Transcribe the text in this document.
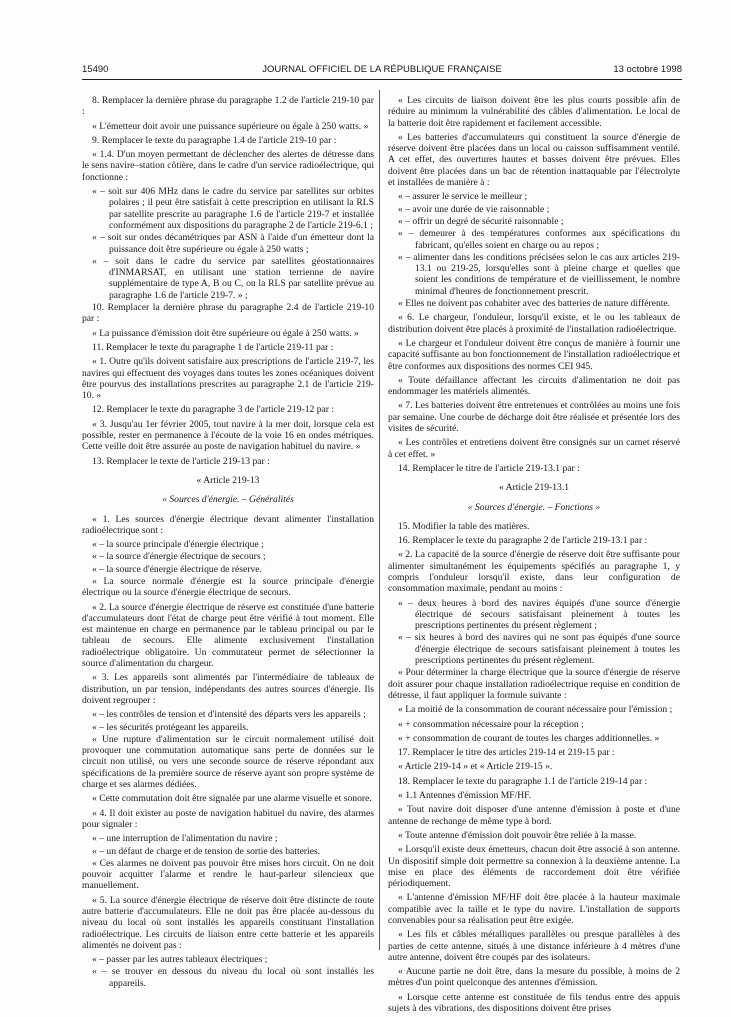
15490	JOURNAL OFFICIEL DE LA RÉPUBLIQUE FRANÇAISE	13 octobre 1998

8. Remplacer la dernière phrase du paragraphe 1.2 de l'article 219-10 par :

« L'émetteur doit avoir une puissance supérieure ou égale à 250 watts. »

9. Remplacer le texte du paragraphe 1.4 de l'article 219-10 par :

« 1.4. D'un moyen permettant de déclencher des alertes de détresse dans le sens navire–station côtière, dans le cadre d'un service radioélectrique, qui fonctionne :

« – soit sur 406 MHz dans le cadre du service par satellites sur orbites polaires ; il peut être satisfait à cette prescription en utilisant la RLS par satellite prescrite au paragraphe 1.6 de l'article 219-7 et installée conformément aux dispositions du paragraphe 2 de l'article 219-6.1 ;

« – soit sur ondes décamétriques par ASN à l'aide d'un émetteur dont la puissance doit être supérieure ou égale à 250 watts ;

« – soit dans le cadre du service par satellites géostationnaires d'INMARSAT, en utilisant une station terrienne de navire supplémentaire de type A, B ou C, ou la RLS par satellite prévue au paragraphe 1.6 de l'article 219-7. » ;

10. Remplacer la dernière phrase du paragraphe 2.4 de l'article 219-10 par :

« La puissance d'émission doit être supérieure ou égale à 250 watts. »

11. Remplacer le texte du paragraphe 1 de l'article 219-11 par :

« 1. Outre qu'ils doivent satisfaire aux prescriptions de l'article 219-7, les navires qui effectuent des voyages dans toutes les zones océaniques doivent être pourvus des installations prescrites au paragraphe 2.1 de l'article 219-10. »

12. Remplacer le texte du paragraphe 3 de l'article 219-12 par :

« 3. Jusqu'au 1er février 2005, tout navire à la mer doit, lorsque cela est possible, rester en permanence à l'écoute de la voie 16 en ondes métriques. Cette veille doit être assurée au poste de navigation habituel du navire. »

13. Remplacer le texte de l'article 219-13 par :

« Article 219-13

« Sources d'énergie. – Généralités

« 1. Les sources d'énergie électrique devant alimenter l'installation radioélectrique sont :

« – la source principale d'énergie électrique ;

« – la source d'énergie électrique de secours ;

« – la source d'énergie électrique de réserve.

« La source normale d'énergie est la source principale d'énergie électrique ou la source d'énergie électrique de secours.

« 2. La source d'énergie électrique de réserve est constituée d'une batterie d'accumulateurs dont l'état de charge peut être vérifié à tout moment. Elle est maintenue en charge en permanence par le tableau principal ou par le tableau de secours. Elle alimente exclusivement l'installation radioélectrique obligatoire. Un commutateur permet de sélectionner la source d'alimentation du chargeur.

« 3. Les appareils sont alimentés par l'intermédiaire de tableaux de distribution, un par tension, indépendants des autres sources d'énergie. Ils doivent regrouper :

« – les contrôles de tension et d'intensité des départs vers les appareils ;

« – les sécurités protégeant les appareils.

« Une rupture d'alimentation sur le circuit normalement utilisé doit provoquer une commutation automatique sans perte de données sur le circuit non utilisé, ou vers une seconde source de réserve répondant aux spécifications de la première source de réserve ayant son propre système de charge et ses alarmes dédiées.

« Cette commutation doit être signalée par une alarme visuelle et sonore.

« 4. Il doit exister au poste de navigation habituel du navire, des alarmes pour signaler :

« – une interruption de l'alimentation du navire ;

« – un défaut de charge et de tension de sortie des batteries.

« Ces alarmes ne doivent pas pouvoir être mises hors circuit. On ne doit pouvoir acquitter l'alarme et rendre le haut-parleur silencieux que manuellement.

« 5. La source d'énergie électrique de réserve doit être distincte de toute autre batterie d'accumulateurs. Elle ne doit pas être placée au-dessous du niveau du local où sont installés les appareils constituant l'installation radioélectrique. Les circuits de liaison entre cette batterie et les appareils alimentés ne doivent pas :

« – passer par les autres tableaux électriques ;

« – se trouver en dessous du niveau du local où sont installés les appareils.

« Les circuits de liaison doivent être les plus courts possible afin de réduire au minimum la vulnérabilité des câbles d'alimentation. Le local de la batterie doit être rapidement et facilement accessible.

« Les batteries d'accumulateurs qui constituent la source d'énergie de réserve doivent être placées dans un local ou caisson suffisamment ventilé. A cet effet, des ouvertures hautes et basses doivent être prévues. Elles doivent être placées dans un bac de rétention inattaquable par l'électrolyte et installées de manière à :

« – assurer le service le meilleur ;

« – avoir une durée de vie raisonnable ;

« – offrir un degré de sécurité raisonnable ;

« – demeurer à des températures conformes aux spécifications du fabricant, qu'elles soient en charge ou au repos ;

« – alimenter dans les conditions précisées selon le cas aux articles 219-13.1 ou 219-25, lorsqu'elles sont à pleine charge et quelles que soient les conditions de température et de vieillissement, le nombre minimal d'heures de fonctionnement prescrit.

« Elles ne doivent pas cohabiter avec des batteries de nature différente.

« 6. Le chargeur, l'onduleur, lorsqu'il existe, et le ou les tableaux de distribution doivent être placés à proximité de l'installation radioélectrique.

« Le chargeur et l'onduleur doivent être conçus de manière à fournir une capacité suffisante au bon fonctionnement de l'installation radioélectrique et être conformes aux dispositions des normes CEI 945.

« Toute défaillance affectant les circuits d'alimentation ne doit pas endommager les matériels alimentés.

« 7. Les batteries doivent être entretenues et contrôlées au moins une fois par semaine. Une courbe de décharge doit être réalisée et présentée lors des visites de sécurité.

« Les contrôles et entretiens doivent être consignés sur un carnet réservé à cet effet. »

14. Remplacer le titre de l'article 219-13.1 par :

« Article 219-13.1

« Sources d'énergie. – Fonctions »

15. Modifier la table des matières.

16. Remplacer le texte du paragraphe 2 de l'article 219-13.1 par :

« 2. La capacité de la source d'énergie de réserve doit être suffisante pour alimenter simultanément les équipements spécifiés au paragraphe 1, y compris l'onduleur lorsqu'il existe, dans leur configuration de consommation maximale, pendant au moins :

« – deux heures à bord des navires équipés d'une source d'énergie électrique de secours satisfaisant pleinement à toutes les prescriptions pertinentes du présent règlement ;

« – six heures à bord des navires qui ne sont pas équipés d'une source d'énergie électrique de secours satisfaisant pleinement à toutes les prescriptions pertinentes du présent règlement.

« Pour déterminer la charge électrique que la source d'énergie de réserve doit assurer pour chaque installation radioélectrique requise en condition de détresse, il faut appliquer la formule suivante :

« La moitié de la consommation de courant nécessaire pour l'émission ;

« + consommation nécessaire pour la réception ;

« + consommation de courant de toutes les charges additionnelles. »

17. Remplacer le titre des articles 219-14 et 219-15 par :

« Article 219-14 » et « Article 219-15 ».

18. Remplacer le texte du paragraphe 1.1 de l'article 219-14 par :

« 1.1 Antennes d'émission MF/HF.

« Tout navire doit disposer d'une antenne d'émission à poste et d'une antenne de rechange de même type à bord.

« Toute antenne d'émission doit pouvoir être reliée à la masse.

« Lorsqu'il existe deux émetteurs, chacun doit être associé à son antenne. Un dispositif simple doit permettre sa connexion à la deuxième antenne. La mise en place des éléments de raccordement doit être vérifiée périodiquement.

« L'antenne d'émission MF/HF doit être placée à la hauteur maximale compatible avec la taille et le type du navire. L'installation de supports convenables pour sa réalisation peut être exigée.

« Les fils et câbles métalliques parallèles ou presque parallèles à des parties de cette antenne, situés à une distance inférieure à 4 mètres d'une autre antenne, doivent être coupés par des isolateurs.

« Aucune partie ne doit être, dans la mesure du possible, à moins de 2 mètres d'un point quelconque des antennes d'émission.

« Lorsque cette antenne est constituée de fils tendus entre des appuis sujets à des vibrations, des dispositions doivent être prises
